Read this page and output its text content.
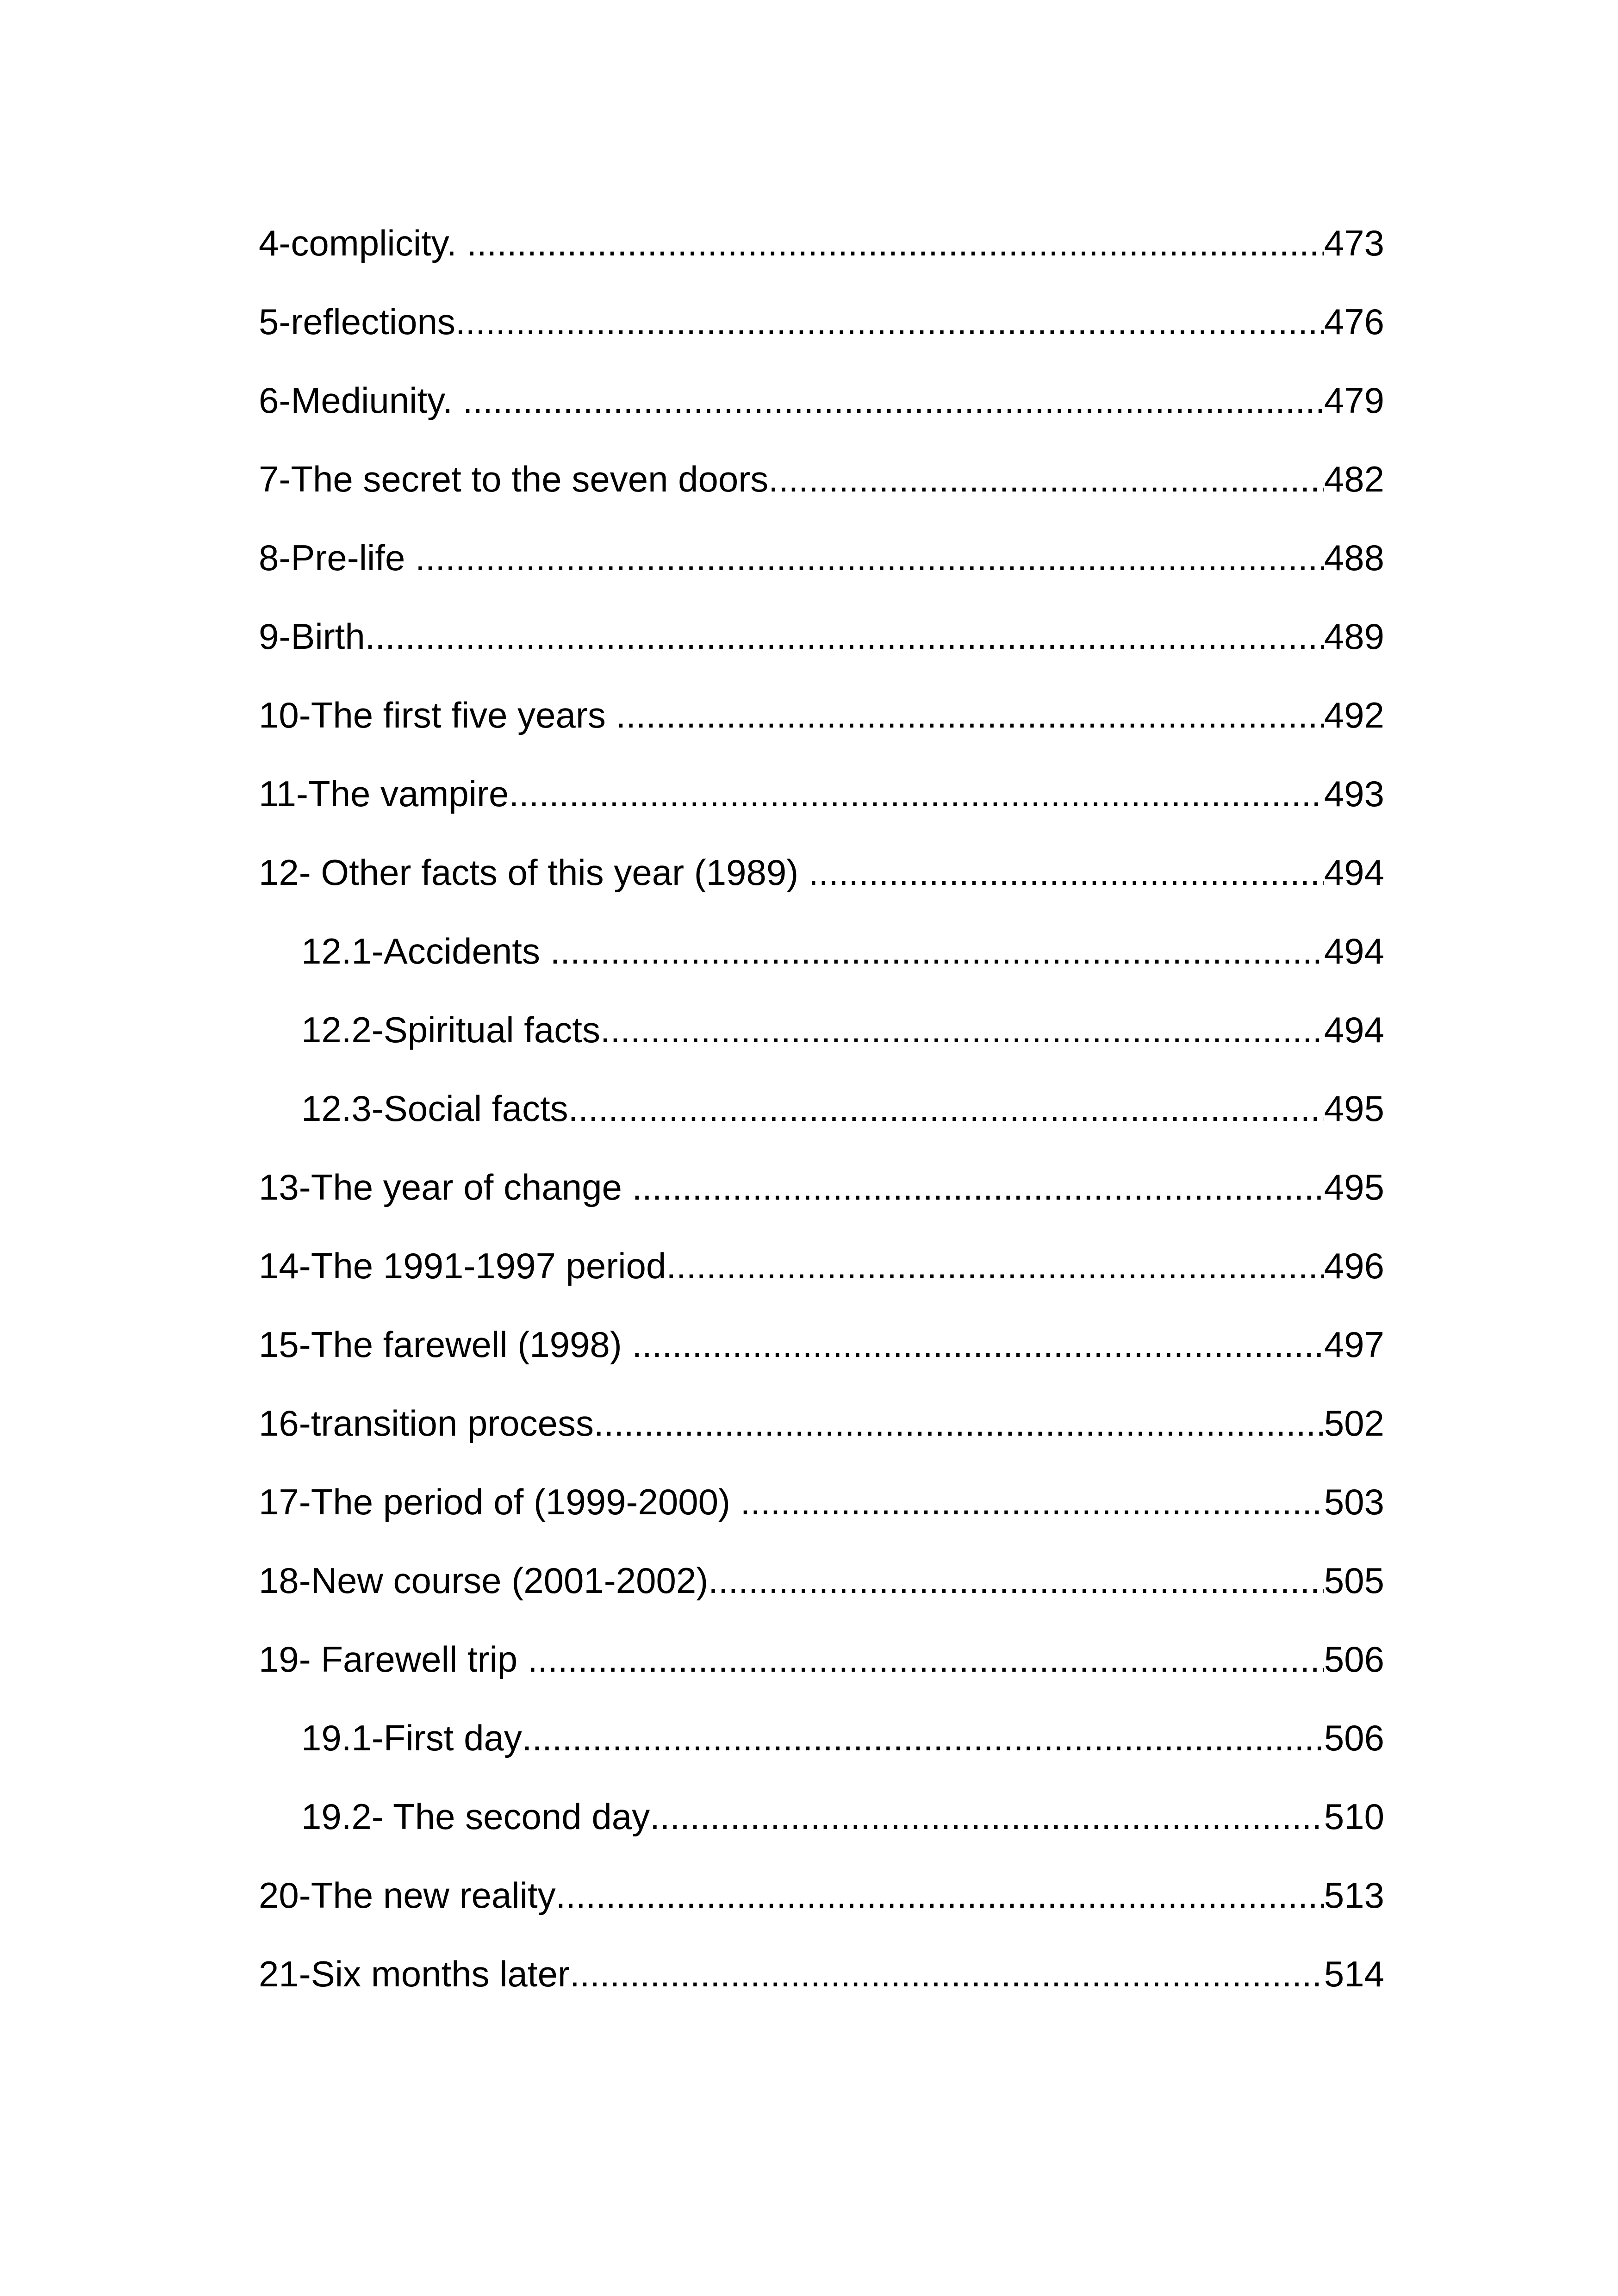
4-complicity. .....	473
5-reflections .....	476
6-Mediunity. .....	479
7-The secret to the seven doors. .....	482
8-Pre-life .....	488
9-Birth .....	489
10-The first five years .....	492
11-The vampire .....	493
12- Other facts of this year (1989) .....	494
12.1-Accidents .....	494
12.2-Spiritual facts .....	494
12.3-Social facts .....	495
13-The year of change .....	495
14-The 1991-1997 period .....	496
15-The farewell (1998) .....	497
16-transition process .....	502
17-The period of (1999-2000) .....	503
18-New course (2001-2002) .....	505
19- Farewell trip .....	506
19.1-First day .....	506
19.2- The second day .....	510
20-The new reality .....	513
21-Six months later .....	514
